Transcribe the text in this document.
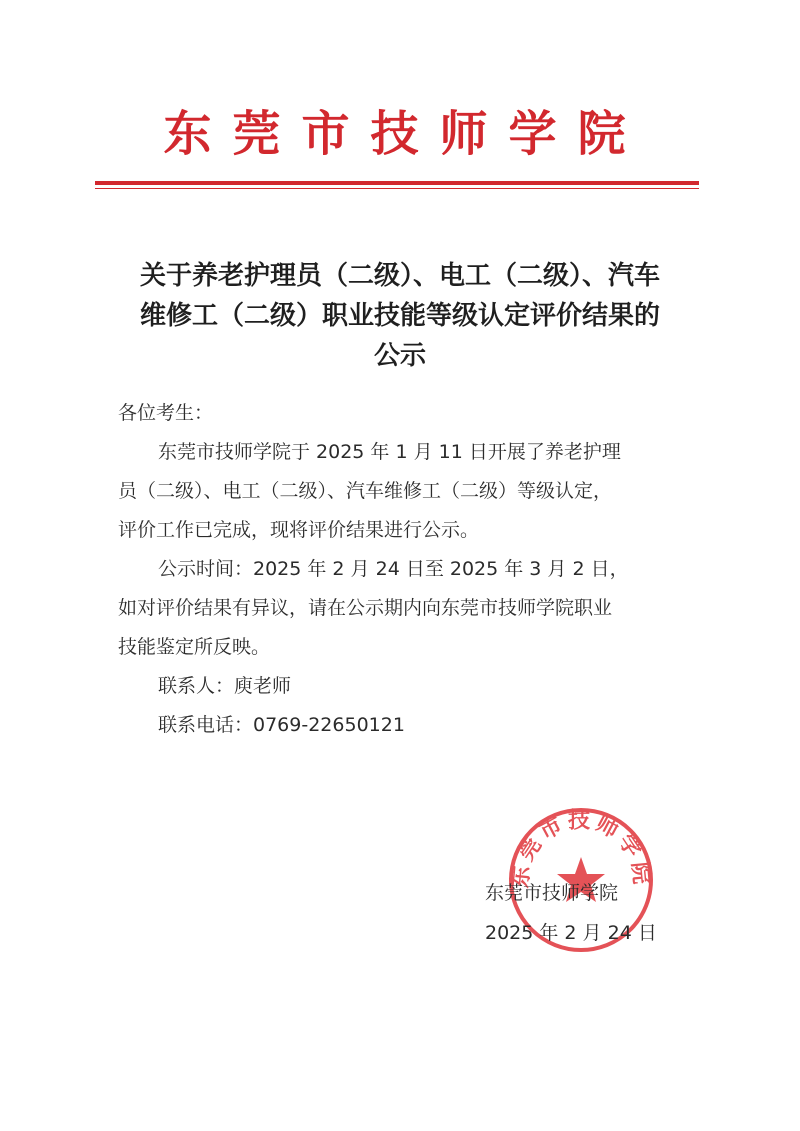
东莞市技师学院
关于养老护理员（二级）、电工（二级）、汽车
维修工（二级）职业技能等级认定评价结果的
公示
各位考生：
东莞市技师学院于 2025 年 1 月 11 日开展了养老护理
员（二级）、电工（二级）、汽车维修工（二级）等级认定，
评价工作已完成，现将评价结果进行公示。
公示时间：2025 年 2 月 24 日至 2025 年 3 月 2 日，
如对评价结果有异议，请在公示期内向东莞市技师学院职业
技能鉴定所反映。
联系人：庾老师
联系电话：0769-22650121
东莞市技师学院
东莞市技师学院
2025 年 2 月 24 日
